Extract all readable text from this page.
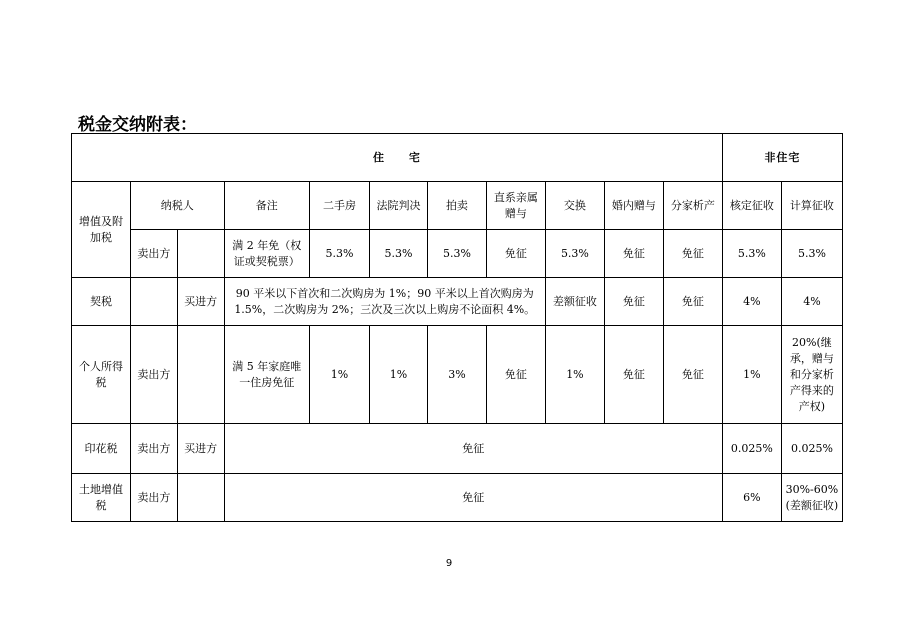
税金交纳附表：
住　　宅											非住宅	
增值及附加税	纳税人		备注	二手房	法院判决	拍卖	直系亲属赠与	交换	婚内赠与	分家析产	核定征收	计算征收
	卖出方		满 2 年免（权证或契税票）	5.3%	5.3%	5.3%	免征	5.3%	免征	免征	5.3%	5.3%
契税		买进方	90 平米以下首次和二次购房为 1%；90 平米以上首次购房为 1.5%，二次购房为 2%；三次及三次以上购房不论面积 4%。					差额征收	免征	免征	4%	4%
个人所得税	卖出方		满 5 年家庭唯一住房免征	1%	1%	3%	免征	1%	免征	免征	1%	20%(继承，赠与和分家析产得来的产权)
印花税	卖出方	买进方	免征								0.025%	0.025%
土地增值税	卖出方		免征								6%	30%-60%(差额征收)
9
